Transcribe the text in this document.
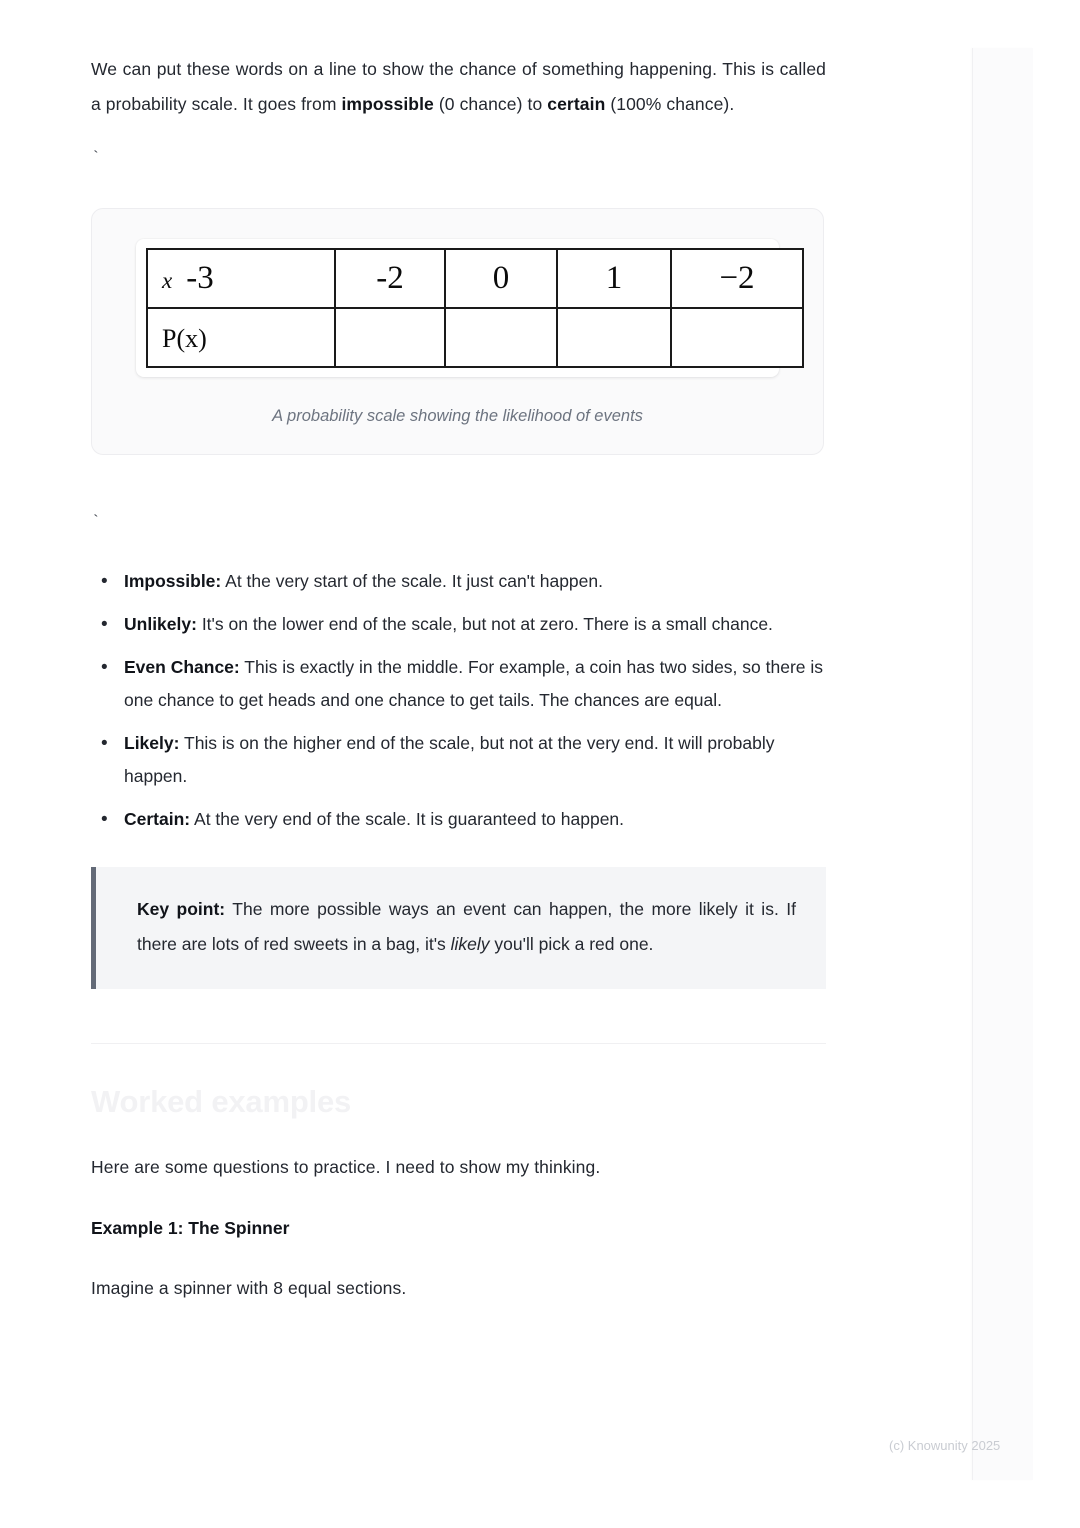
We can put these words on a line to show the chance of something happening. This is called a probability scale. It goes from impossible (0 chance) to certain (100% chance).

`
x -3	-2	0	1	−2
P(x)				
A probability scale showing the likelihood of events
`
• Impossible: At the very start of the scale. It just can't happen.
• Unlikely: It's on the lower end of the scale, but not at zero. There is a small chance.
• Even Chance: This is exactly in the middle. For example, a coin has two sides, so there is one chance to get heads and one chance to get tails. The chances are equal.
• Likely: This is on the higher end of the scale, but not at the very end. It will probably happen.
• Certain: At the very end of the scale. It is guaranteed to happen.

Key point: The more possible ways an event can happen, the more likely it is. If there are lots of red sweets in a bag, it's likely you'll pick a red one.

Worked examples

Here are some questions to practice. I need to show my thinking.

Example 1: The Spinner

Imagine a spinner with 8 equal sections.

(c) Knowunity 2025
